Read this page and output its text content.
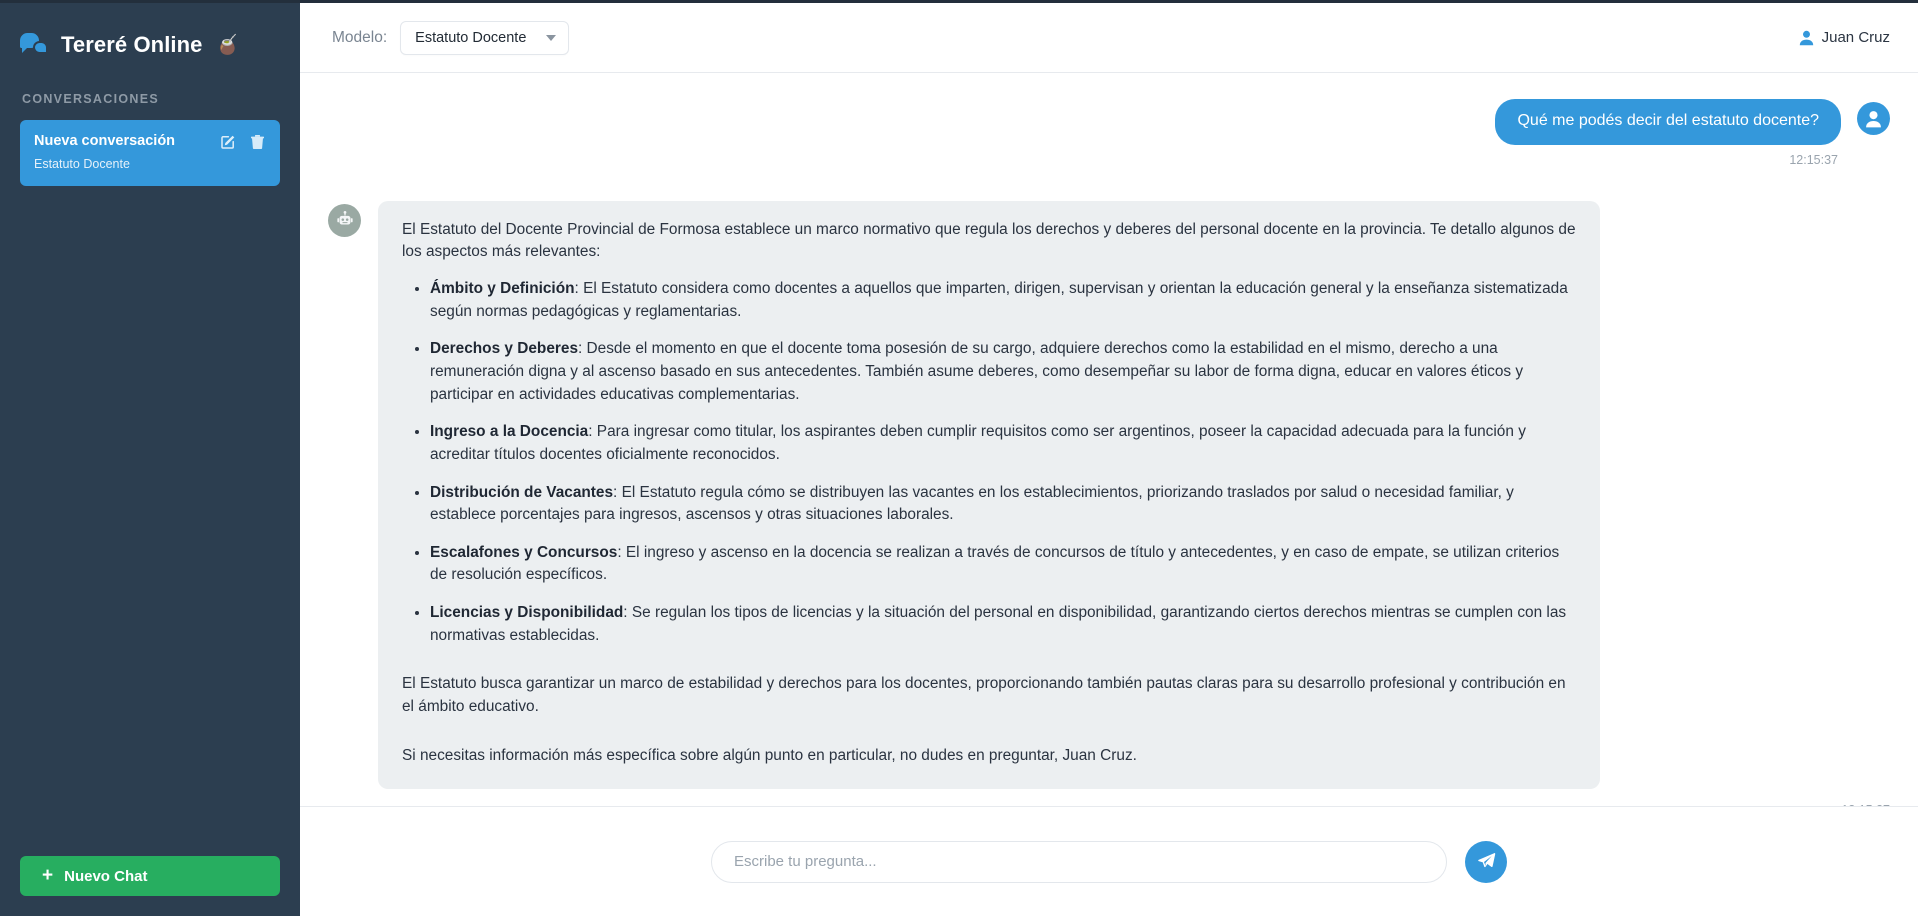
Tereré Online 🧉
CONVERSACIONES
Nueva conversación
Estatuto Docente
+ Nuevo Chat
Modelo: Estatuto Docente	Juan Cruz
Qué me podés decir del estatuto docente?
12:15:37

El Estatuto del Docente Provincial de Formosa establece un marco normativo que regula los derechos y deberes del personal docente en la provincia. Te detallo algunos de los aspectos más relevantes:

• Ámbito y Definición: El Estatuto considera como docentes a aquellos que imparten, dirigen, supervisan y orientan la educación general y la enseñanza sistematizada según normas pedagógicas y reglamentarias.
• Derechos y Deberes: Desde el momento en que el docente toma posesión de su cargo, adquiere derechos como la estabilidad en el mismo, derecho a una remuneración digna y al ascenso basado en sus antecedentes. También asume deberes, como desempeñar su labor de forma digna, educar en valores éticos y participar en actividades educativas complementarias.
• Ingreso a la Docencia: Para ingresar como titular, los aspirantes deben cumplir requisitos como ser argentinos, poseer la capacidad adecuada para la función y acreditar títulos docentes oficialmente reconocidos.
• Distribución de Vacantes: El Estatuto regula cómo se distribuyen las vacantes en los establecimientos, priorizando traslados por salud o necesidad familiar, y establece porcentajes para ingresos, ascensos y otras situaciones laborales.
• Escalafones y Concursos: El ingreso y ascenso en la docencia se realizan a través de concursos de título y antecedentes, y en caso de empate, se utilizan criterios de resolución específicos.
• Licencias y Disponibilidad: Se regulan los tipos de licencias y la situación del personal en disponibilidad, garantizando ciertos derechos mientras se cumplen con las normativas establecidas.

El Estatuto busca garantizar un marco de estabilidad y derechos para los docentes, proporcionando también pautas claras para su desarrollo profesional y contribución en el ámbito educativo.

Si necesitas información más específica sobre algún punto en particular, no dudes en preguntar, Juan Cruz.

Escribe tu pregunta...
